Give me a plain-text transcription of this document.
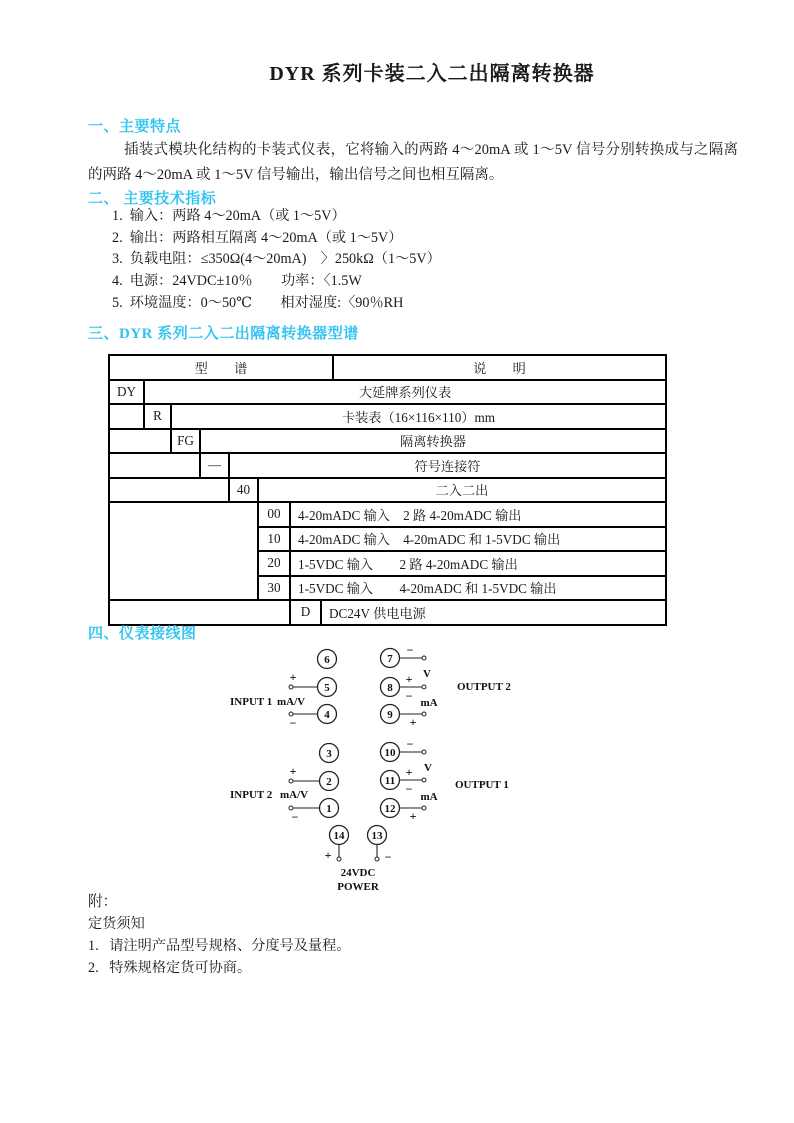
DYR 系列卡装二入二出隔离转换器
一、主要特点
插装式模块化结构的卡装式仪表，它将输入的两路 4～20mA 或 1～5V 信号分别转换成与之隔离的两路 4～20mA 或 1～5V 信号输出，输出信号之间也相互隔离。
二、 主要技术指标
1.  输入：两路 4～20mA（或 1～5V）
2.  输出：两路相互隔离 4～20mA（或 1～5V）
3.  负载电阻：≤350Ω(4～20mA)    〉250kΩ（1～5V）
4.  电源：24VDC±10％        功率：〈1.5W
5.  环境温度：0～50℃        相对湿度:〈90％RH
三、DYR 系列二入二出隔离转换器型谱
型　　谱								说　　明
DY	大延牌系列仪表							
	R	卡装表（16×116×110）mm						
		FG	隔离转换器					
			—	符号连接符				
				40	二入二出			
					00	4-20mADC 输入　2 路 4-20mADC 输出		
					10	4-20mADC 输入　4-20mADC 和 1-5VDC 输出		
					20	1-5VDC 输入　　2 路 4-20mADC 输出		
					30	1-5VDC 输入　　4-20mADC 和 1-5VDC 输出		
						D	DC24V 供电电源	
四、仪表接线图
+
−
INPUT 1 mA/V
6
5
4
−
7
+
−
V
8
+
mA
9
OUTPUT 2
+
−
INPUT 2 mA/V
3
2
1
−
10
+
−
V
11
+
mA
12
OUTPUT 1
14 13
+	−
24VDC
POWER
附：
定货须知
1.   请注明产品型号规格、分度号及量程。
2.   特殊规格定货可协商。
